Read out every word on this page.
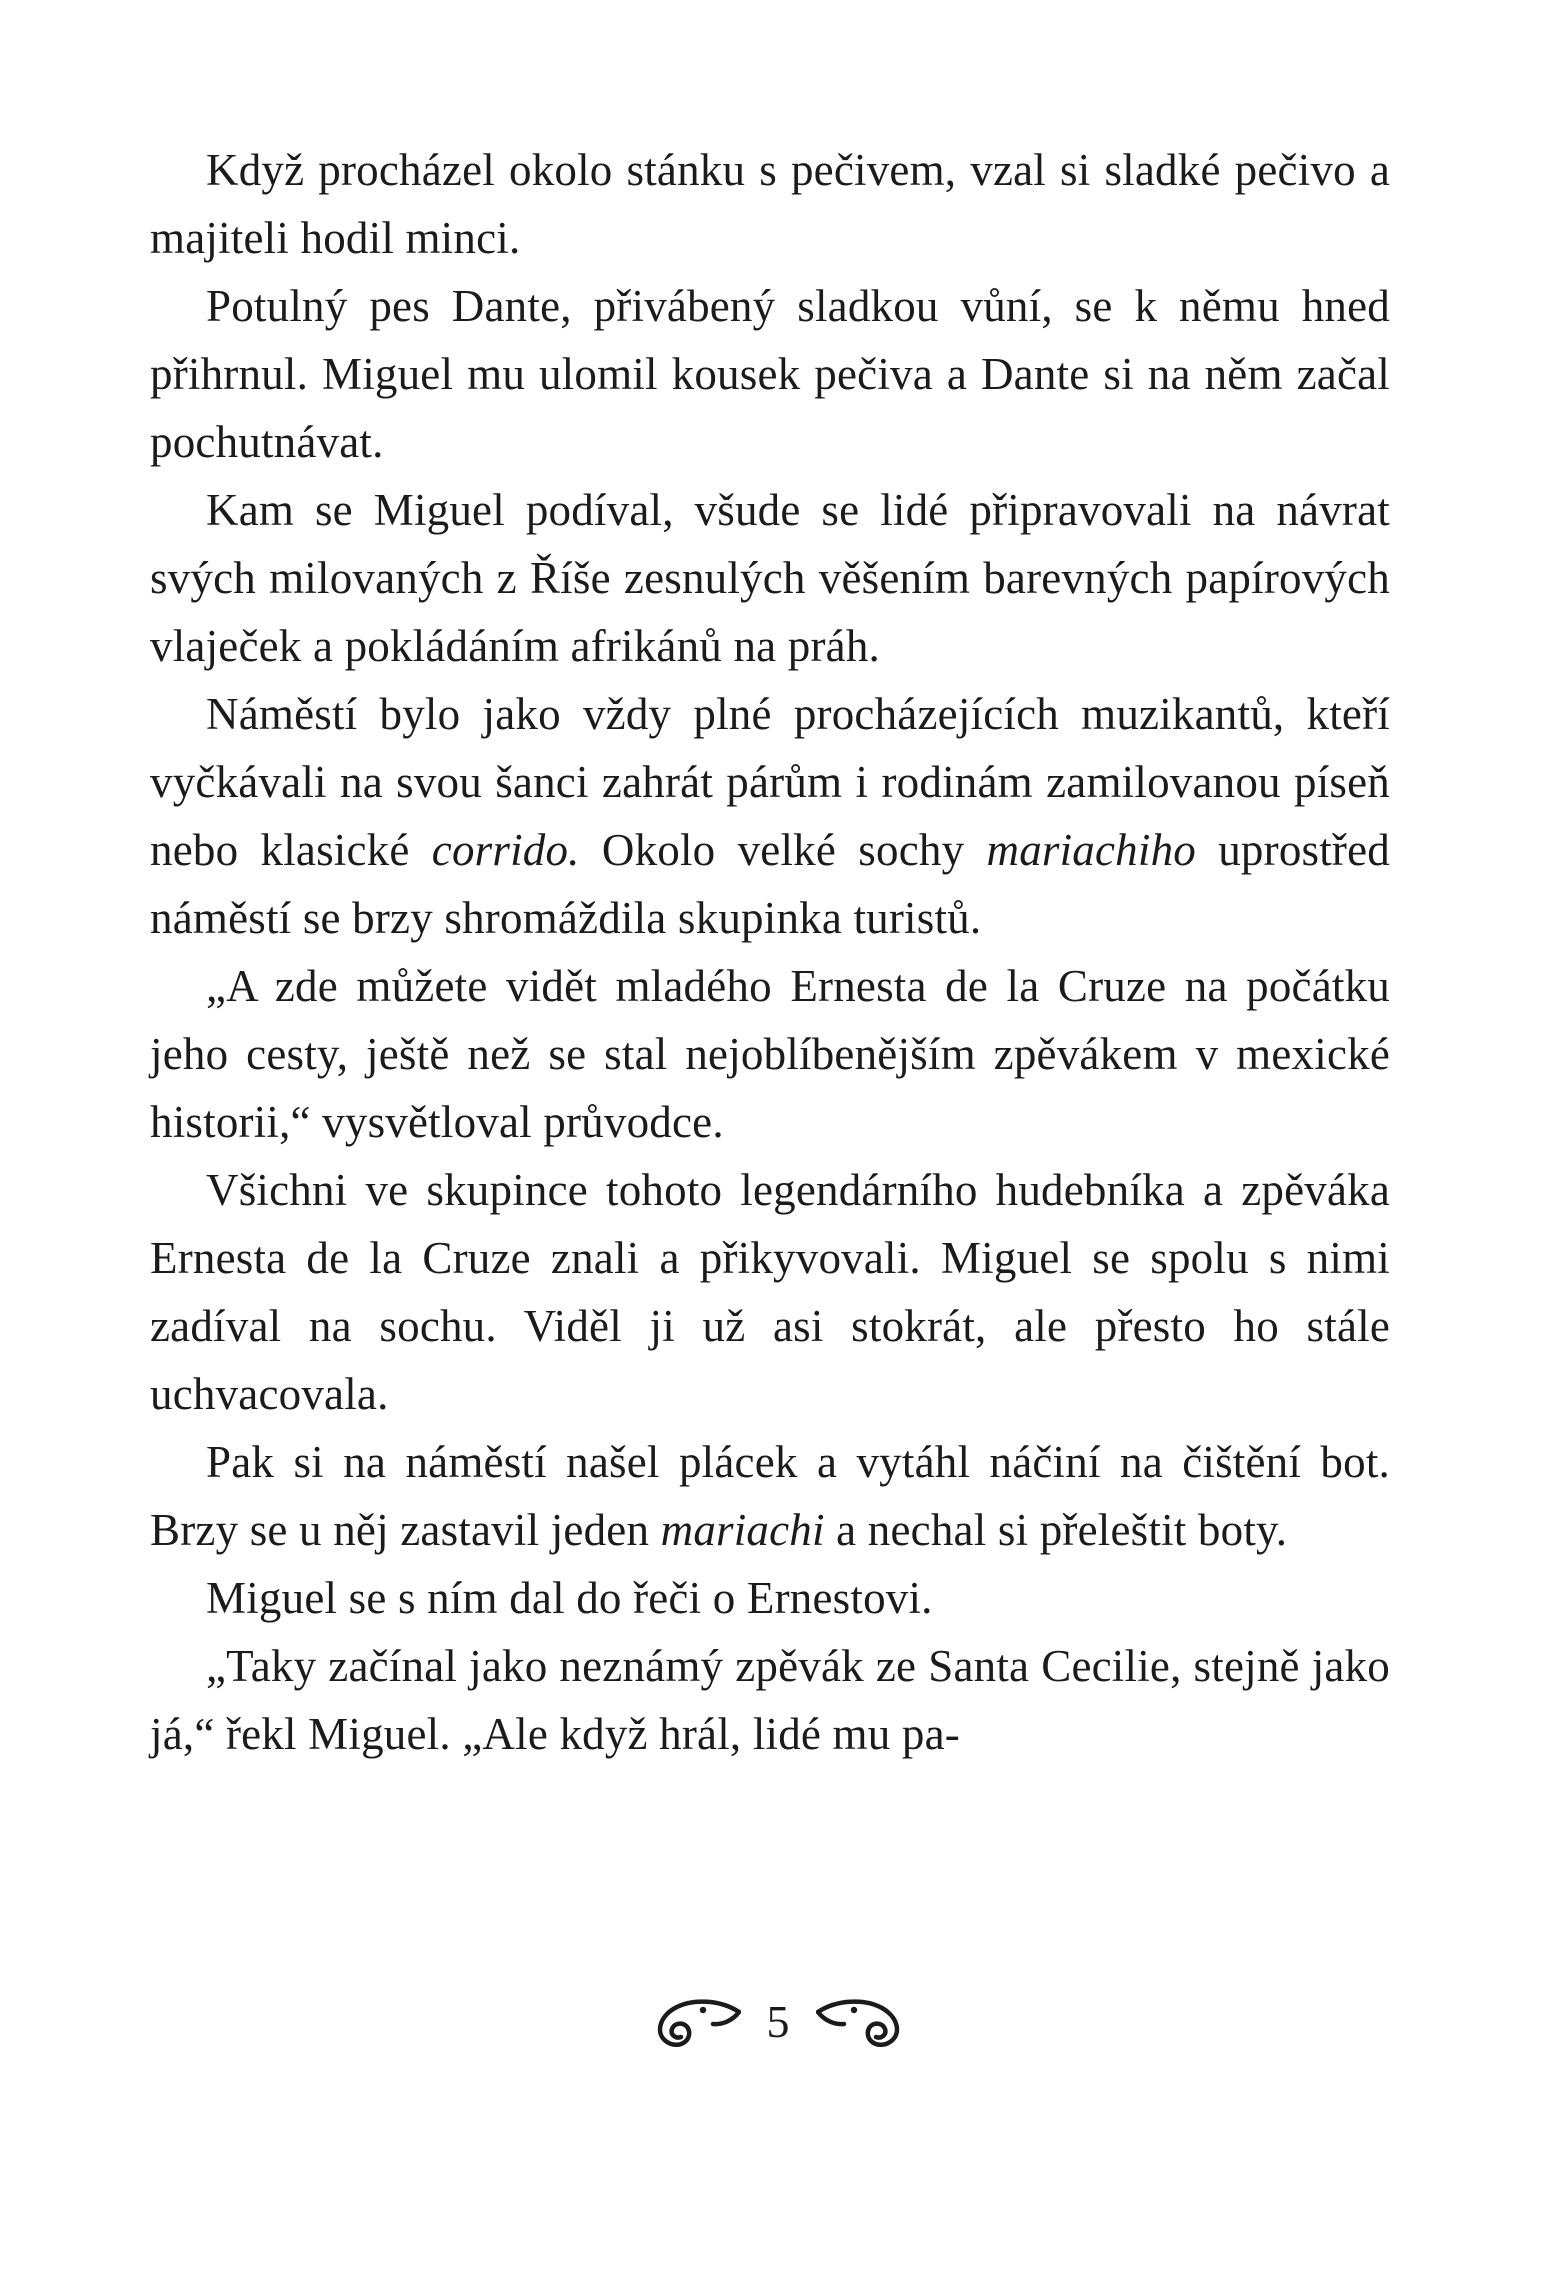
Když procházel okolo stánku s pečivem, vzal si sladké pečivo a majiteli hodil minci.

Potulný pes Dante, přivábený sladkou vůní, se k němu hned přihrnul. Miguel mu ulomil kousek pečiva a Dante si na něm začal pochutnávat.

Kam se Miguel podíval, všude se lidé připravovali na návrat svých milovaných z Říše zesnulých věšením barevných papírových vlaječek a pokládáním afrikánů na práh.

Náměstí bylo jako vždy plné procházejících muzikantů, kteří vyčkávali na svou šanci zahrát párům i rodinám zamilovanou píseň nebo klasické corrido. Okolo velké sochy mariachiho uprostřed náměstí se brzy shromáždila skupinka turistů.

„A zde můžete vidět mladého Ernesta de la Cruze na počátku jeho cesty, ještě než se stal nejoblíbenějším zpěvákem v mexické historii,“ vysvětloval průvodce.

Všichni ve skupince tohoto legendárního hudebníka a zpěváka Ernesta de la Cruze znali a přikyvovali. Miguel se spolu s nimi zadíval na sochu. Viděl ji už asi stokrát, ale přesto ho stále uchvacovala.

Pak si na náměstí našel plácek a vytáhl náčiní na čištění bot. Brzy se u něj zastavil jeden mariachi a nechal si přeleštit boty.

Miguel se s ním dal do řeči o Ernestovi.

„Taky začínal jako neznámý zpěvák ze Santa Cecilie, stejně jako já,“ řekl Miguel. „Ale když hrál, lidé mu pa-

5
